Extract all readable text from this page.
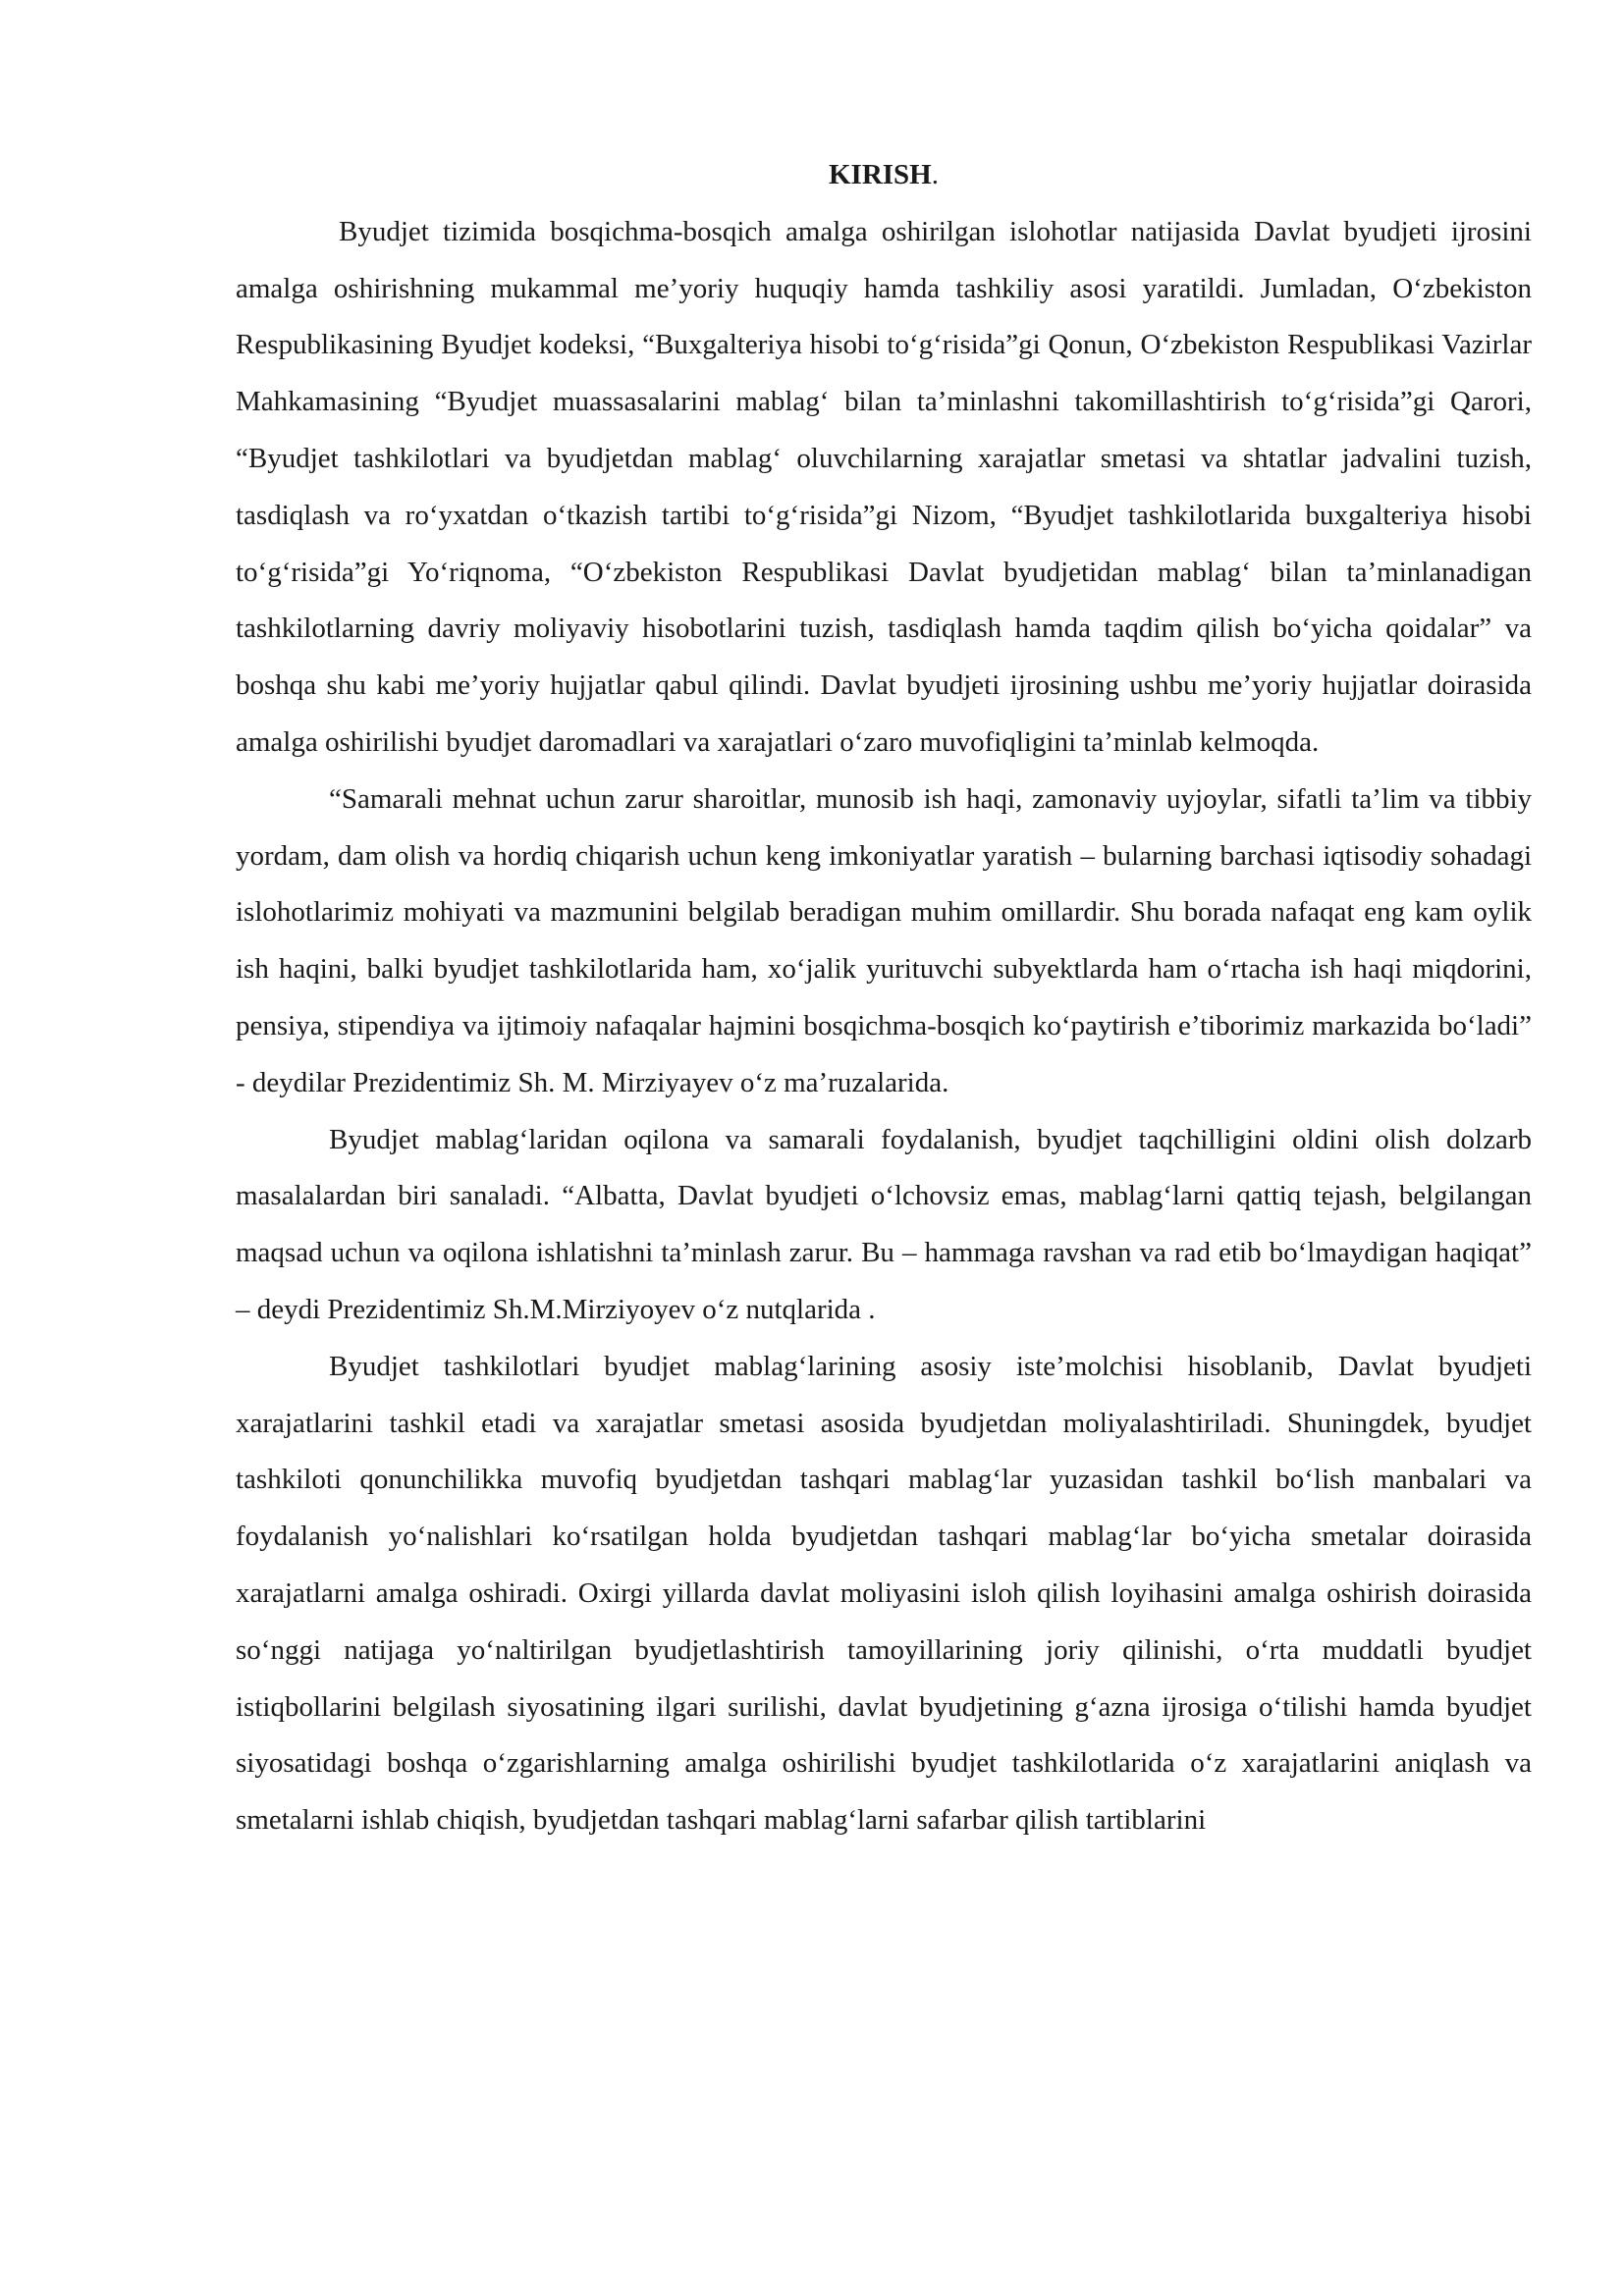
KIRISH.

Byudjet tizimida bosqichma-bosqich amalga oshirilgan islohotlar natijasida Davlat byudjeti ijrosini amalga oshirishning mukammal me’yoriy huquqiy hamda tashkiliy asosi yaratildi. Jumladan, O‘zbekiston Respublikasining Byudjet kodeksi, “Buxgalteriya hisobi to‘g‘risida”gi Qonun, O‘zbekiston Respublikasi Vazirlar Mahkamasining “Byudjet muassasalarini mablag‘ bilan ta’minlashni takomillashtirish to‘g‘risida”gi Qarori, “Byudjet tashkilotlari va byudjetdan mablag‘ oluvchilarning xarajatlar smetasi va shtatlar jadvalini tuzish, tasdiqlash va ro‘yxatdan o‘tkazish tartibi to‘g‘risida”gi Nizom, “Byudjet tashkilotlarida buxgalteriya hisobi to‘g‘risida”gi Yo‘riqnoma, “O‘zbekiston Respublikasi Davlat byudjetidan mablag‘ bilan ta’minlanadigan tashkilotlarning davriy moliyaviy hisobotlarini tuzish, tasdiqlash hamda taqdim qilish bo‘yicha qoidalar” va boshqa shu kabi me’yoriy hujjatlar qabul qilindi. Davlat byudjeti ijrosining ushbu me’yoriy hujjatlar doirasida amalga oshirilishi byudjet daromadlari va xarajatlari o‘zaro muvofiqligini ta’minlab kelmoqda.

“Samarali mehnat uchun zarur sharoitlar, munosib ish haqi, zamonaviy uyjoylar, sifatli ta’lim va tibbiy yordam, dam olish va hordiq chiqarish uchun keng imkoniyatlar yaratish – bularning barchasi iqtisodiy sohadagi islohotlarimiz mohiyati va mazmunini belgilab beradigan muhim omillardir. Shu borada nafaqat eng kam oylik ish haqini, balki byudjet tashkilotlarida ham, xo‘jalik yurituvchi subyektlarda ham o‘rtacha ish haqi miqdorini, pensiya, stipendiya va ijtimoiy nafaqalar hajmini bosqichma-bosqich ko‘paytirish e’tiborimiz markazida bo‘ladi” - deydilar Prezidentimiz Sh. M. Mirziyayev o‘z ma’ruzalarida.

Byudjet mablag‘laridan oqilona va samarali foydalanish, byudjet taqchilligini oldini olish dolzarb masalalardan biri sanaladi. “Albatta, Davlat byudjeti o‘lchovsiz emas, mablag‘larni qattiq tejash, belgilangan maqsad uchun va oqilona ishlatishni ta’minlash zarur. Bu – hammaga ravshan va rad etib bo‘lmaydigan haqiqat” – deydi Prezidentimiz Sh.M.Mirziyoyev o‘z nutqlarida .

Byudjet tashkilotlari byudjet mablag‘larining asosiy iste’molchisi hisoblanib, Davlat byudjeti xarajatlarini tashkil etadi va xarajatlar smetasi asosida byudjetdan moliyalashtiriladi. Shuningdek, byudjet tashkiloti qonunchilikka muvofiq byudjetdan tashqari mablag‘lar yuzasidan tashkil bo‘lish manbalari va foydalanish yo‘nalishlari ko‘rsatilgan holda byudjetdan tashqari mablag‘lar bo‘yicha smetalar doirasida xarajatlarni amalga oshiradi. Oxirgi yillarda davlat moliyasini isloh qilish loyihasini amalga oshirish doirasida so‘nggi natijaga yo‘naltirilgan byudjetlashtirish tamoyillarining joriy qilinishi, o‘rta muddatli byudjet istiqbollarini belgilash siyosatining ilgari surilishi, davlat byudjetining g‘azna ijrosiga o‘tilishi hamda byudjet siyosatidagi boshqa o‘zgarishlarning amalga oshirilishi byudjet tashkilotlarida o‘z xarajatlarini aniqlash va smetalarni ishlab chiqish, byudjetdan tashqari mablag‘larni safarbar qilish tartiblarini
